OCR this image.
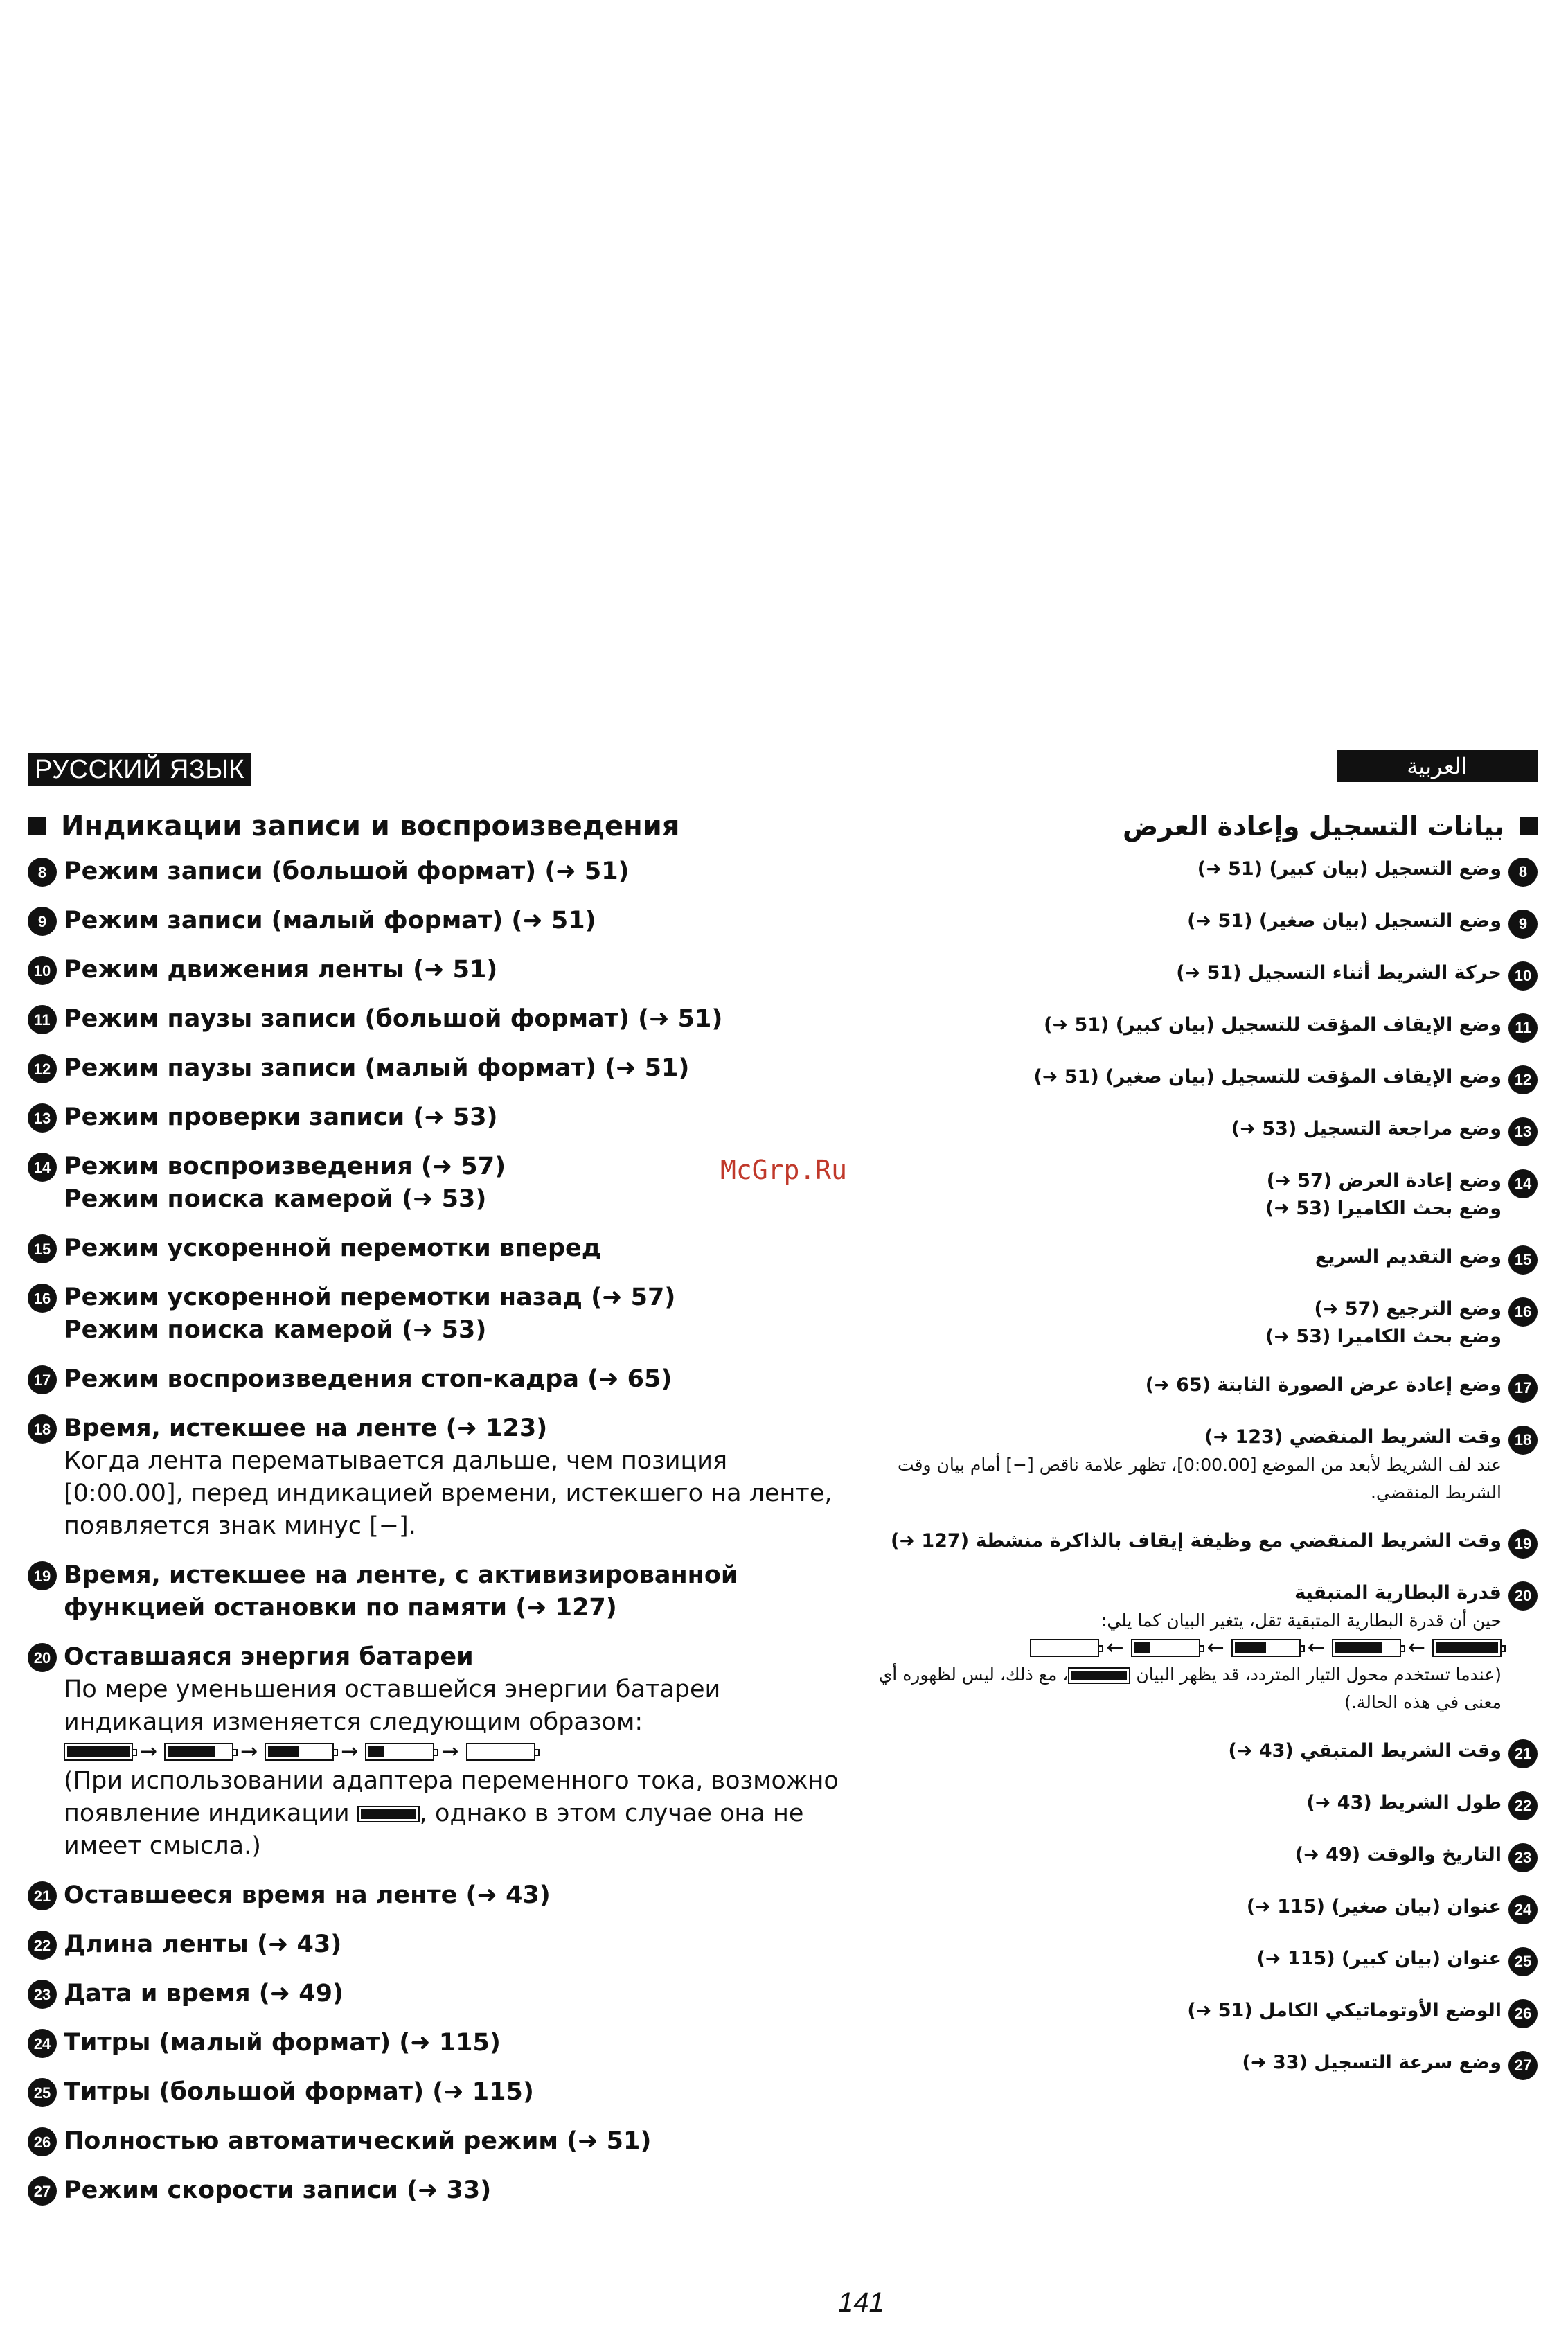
РУССКИЙ ЯЗЫК	العربية
Индикации записи и воспроизведения
8 Режим записи (большой формат) (➜ 51)
9 Режим записи (малый формат) (➜ 51)
10 Режим движения ленты (➜ 51)
11 Режим паузы записи (большой формат) (➜ 51)
12 Режим паузы записи (малый формат) (➜ 51)
13 Режим проверки записи (➜ 53)
14 Режим воспроизведения (➜ 57)
Режим поиска камерой (➜ 53)
15 Режим ускоренной перемотки вперед
16 Режим ускоренной перемотки назад (➜ 57)
Режим поиска камерой (➜ 53)
17 Режим воспроизведения стоп-кадра (➜ 65)
18 Время, истекшее на ленте (➜ 123)
Когда лента перематывается дальше, чем позиция [0:00.00], перед индикацией времени, истекшего на ленте, появляется знак минус [−].
19 Время, истекшее на ленте, с активизированной функцией остановки по памяти (➜ 127)
20 Оставшаяся энергия батареи
По мере уменьшения оставшейся энергии батареи индикация изменяется следующим образом:
→	→	→	→
(При использовании адаптера переменного тока, возможно появление индикации	, однако в этом случае она не имеет смысла.)
21 Оставшееся время на ленте (➜ 43)
22 Длина ленты (➜ 43)
23 Дата и время (➜ 49)
24 Титры (малый формат) (➜ 115)
25 Титры (большой формат) (➜ 115)
26 Полностью автоматический режим (➜ 51)
27 Режим скорости записи (➜ 33)
بيانات التسجيل وإعادة العرض
8
وضع التسجيل (بيان كبير) (51 ➜)
9
وضع التسجيل (بيان صغير) (51 ➜)
10
حركة الشريط أثناء التسجيل (51 ➜)
11
وضع الإيقاف المؤقت للتسجيل (بيان كبير) (51 ➜)
12
وضع الإيقاف المؤقت للتسجيل (بيان صغير) (51 ➜)
13
وضع مراجعة التسجيل (53 ➜)
14
وضع إعادة العرض (57 ➜)
وضع بحث الكاميرا (53 ➜)
15
وضع التقديم السريع
16
وضع الترجيع (57 ➜)
وضع بحث الكاميرا (53 ➜)
17
وضع إعادة عرض الصورة الثابتة (65 ➜)
18
وقت الشريط المنقضي (123 ➜)
عند لف الشريط لأبعد من الموضع [0:00.00]، تظهر علامة ناقص [−] أمام بيان وقت الشريط المنقضي.
19
وقت الشريط المنقضي مع وظيفة إيقاف بالذاكرة منشطة (127 ➜)
20
قدرة البطارية المتبقية
حين أن قدرة البطارية المتبقية تقل، يتغير البيان كما يلي:
←	←	←	←
(عندما تستخدم محول التيار المتردد، قد يظهر البيان
، مع ذلك، ليس لظهوره أي معنى في هذه الحالة.)
21
وقت الشريط المتبقي (43 ➜)
22
طول الشريط (43 ➜)
23
التاريخ والوقت (49 ➜)
24
عنوان (بيان صغير) (115 ➜)
25
عنوان (بيان كبير) (115 ➜)
26
الوضع الأوتوماتيكي الكامل (51 ➜)
27
وضع سرعة التسجيل (33 ➜)
McGrp.Ru
141
